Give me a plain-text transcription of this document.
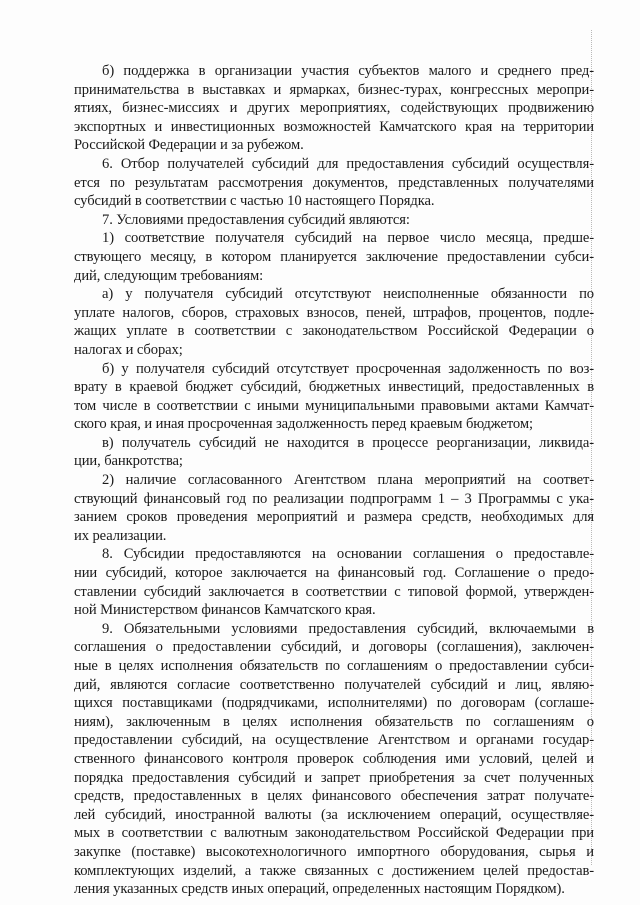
б) поддержка в организации участия субъектов малого и среднего пред-
принимательства в выставках и ярмарках, бизнес-турах, конгрессных меропри-
ятиях, бизнес-миссиях и других мероприятиях, содействующих продвижению
экспортных и инвестиционных возможностей Камчатского края на территории
Российской Федерации и за рубежом.
6. Отбор получателей субсидий для предоставления субсидий осуществля-
ется по результатам рассмотрения документов, представленных получателями
субсидий в соответствии с частью 10 настоящего Порядка.
7. Условиями предоставления субсидий являются:
1) соответствие получателя субсидий на первое число месяца, предше-
ствующего месяцу, в котором планируется заключение предоставлении субси-
дий, следующим требованиям:
а) у получателя субсидий отсутствуют неисполненные обязанности по
уплате налогов, сборов, страховых взносов, пеней, штрафов, процентов, подле-
жащих уплате в соответствии с законодательством Российской Федерации о
налогах и сборах;
б) у получателя субсидий отсутствует просроченная задолженность по воз-
врату в краевой бюджет субсидий, бюджетных инвестиций, предоставленных в
том числе в соответствии с иными муниципальными правовыми актами Камчат-
ского края, и иная просроченная задолженность перед краевым бюджетом;
в) получатель субсидий не находится в процессе реорганизации, ликвида-
ции, банкротства;
2) наличие согласованного Агентством плана мероприятий на соответ-
ствующий финансовый год по реализации подпрограмм 1 – 3 Программы с ука-
занием сроков проведения мероприятий и размера средств, необходимых для
их реализации.
8. Субсидии предоставляются на основании соглашения о предоставле-
нии субсидий, которое заключается на финансовый год. Соглашение о предо-
ставлении субсидий заключается в соответствии с типовой формой, утвержден-
ной Министерством финансов Камчатского края.
9. Обязательными условиями предоставления субсидий, включаемыми в
соглашения о предоставлении субсидий, и договоры (соглашения), заключен-
ные в целях исполнения обязательств по соглашениям о предоставлении субси-
дий, являются согласие соответственно получателей субсидий и лиц, являю-
щихся поставщиками (подрядчиками, исполнителями) по договорам (соглаше-
ниям), заключенным в целях исполнения обязательств по соглашениям о
предоставлении субсидий, на осуществление Агентством и органами государ-
ственного финансового контроля проверок соблюдения ими условий, целей и
порядка предоставления субсидий и запрет приобретения за счет полученных
средств, предоставленных в целях финансового обеспечения затрат получате-
лей субсидий, иностранной валюты (за исключением операций, осуществляе-
мых в соответствии с валютным законодательством Российской Федерации при
закупке (поставке) высокотехнологичного импортного оборудования, сырья и
комплектующих изделий, а также связанных с достижением целей предостав-
ления указанных средств иных операций, определенных настоящим Порядком).
